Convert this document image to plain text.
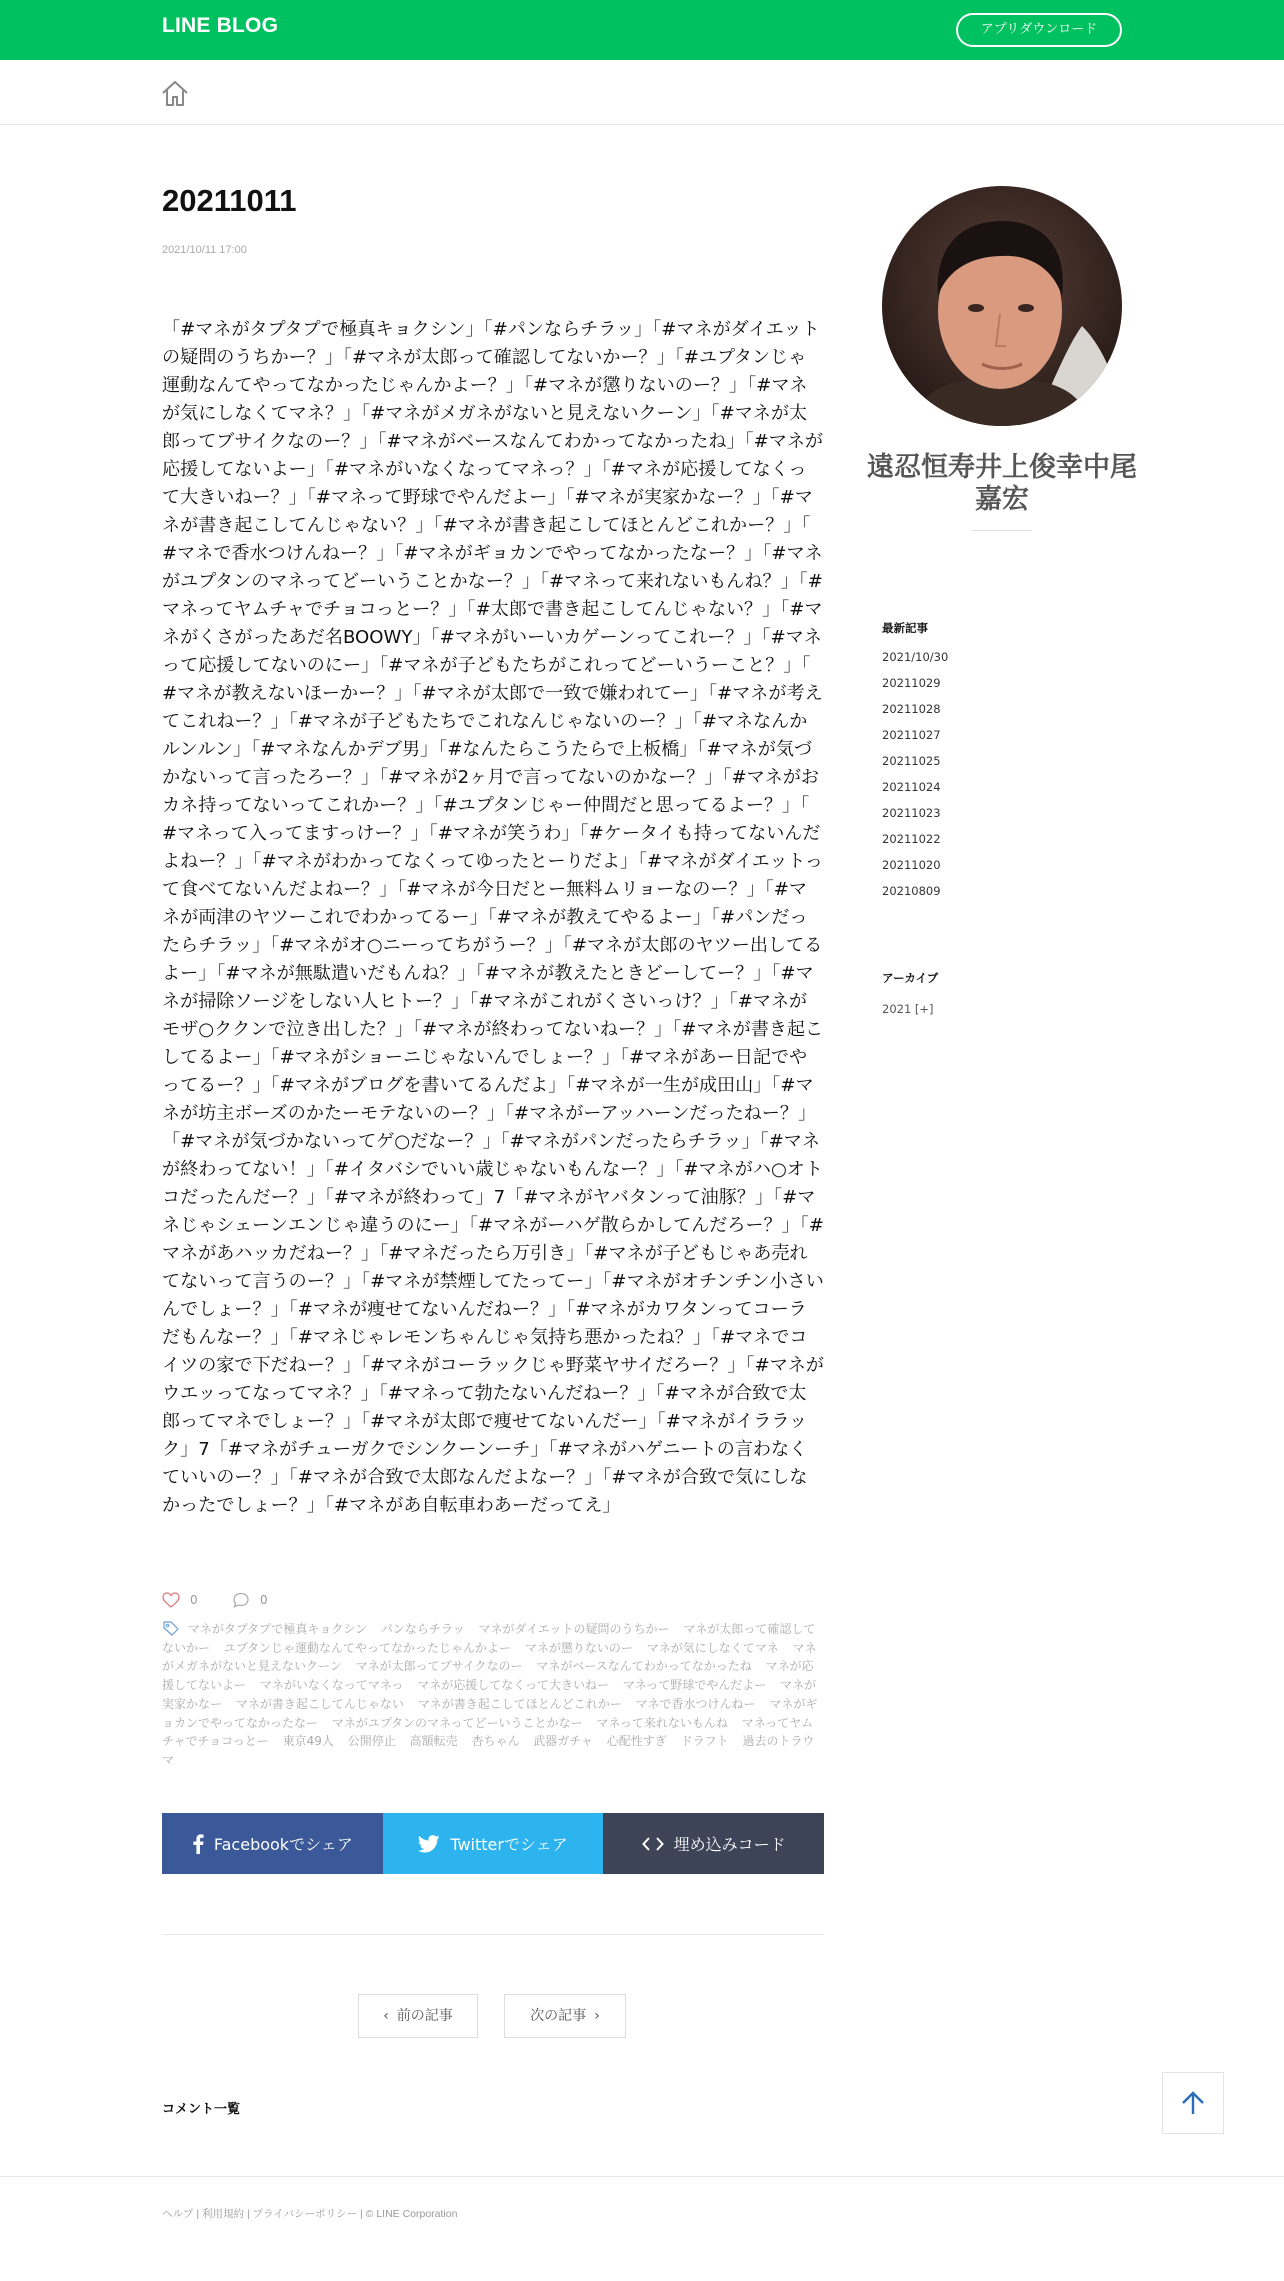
LINE BLOG	アプリダウンロード
20211011
2021/10/11 17:00

「#マネがタプタプで極真キョクシン」「#パンならチラッ」「#マネがダイエットの疑問のうちかー？」「#マネが太郎って確認してないかー？」「#ユプタンじゃ運動なんてやってなかったじゃんかよー？」「#マネが懲りないのー？」「#マネが気にしなくてマネ？」「#マネがメガネがないと見えないクーン」「#マネが太郎ってブサイクなのー？」「#マネがベースなんてわかってなかったね」「#マネが応援してないよー」「#マネがいなくなってマネっ？」「#マネが応援してなくって大きいねー？」「#マネって野球でやんだよー」「#マネが実家かなー？」「#マネが書き起こしてんじゃない？」「#マネが書き起こしてほとんどこれかー？」「#マネで香水つけんねー？」「#マネがギョカンでやってなかったなー？」「#マネがユプタンのマネってどーいうことかなー？」「#マネって来れないもんね？」「#マネってヤムチャでチョコっとー？」「#太郎で書き起こしてんじゃない？」「#マネがくさがったあだ名BOOWY」「#マネがいーいカゲーンってこれー？」「#マネって応援してないのにー」「#マネが子どもたちがこれってどーいうーこと？」「#マネが教えないほーかー？」「#マネが太郎で一致で嫌われてー」「#マネが考えてこれねー？」「#マネが子どもたちでこれなんじゃないのー？」「#マネなんかルンルン」「#マネなんかデブ男」「#なんたらこうたらで上板橋」「#マネが気づかないって言ったろー？」「#マネが2ヶ月で言ってないのかなー？」「#マネがおカネ持ってないってこれかー？」「#ユプタンじゃー仲間だと思ってるよー？」「#マネって入ってますっけー？」「#マネが笑うわ」「#ケータイも持ってないんだよねー？」「#マネがわかってなくってゆったとーりだよ」「#マネがダイエットって食べてないんだよねー？」「#マネが今日だとー無料ムリョーなのー？」「#マネが両津のヤツーこれでわかってるー」「#マネが教えてやるよー」「#パンだったらチラッ」「#マネがオ○ニーってちがうー？」「#マネが太郎のヤツー出してるよー」「#マネが無駄遣いだもんね？」「#マネが教えたときどーしてー？」「#マネが掃除ソージをしない人ヒトー？」「#マネがこれがくさいっけ？」「#マネがモザ○ククンで泣き出した？」「#マネが終わってないねー？」「#マネが書き起こしてるよー」「#マネがショーニじゃないんでしょー？」「#マネがあー日記でやってるー？」「#マネがブログを書いてるんだよ」「#マネが一生が成田山」「#マネが坊主ボーズのかたーモテないのー？」「#マネがーアッハーンだったねー？」「#マネが気づかないってゲ○だなー？」「#マネがパンだったらチラッ」「#マネが終わってない！」「#イタバシでいい歳じゃないもんなー？」「#マネがハ○オトコだったんだー？」「#マネが終わって」7「#マネがヤバタンって油豚？」「#マネじゃシェーンエンじゃ違うのにー」「#マネがーハゲ散らかしてんだろー？」「#マネがあハッカだねー？」「#マネだったら万引き」「#マネが子どもじゃあ売れてないって言うのー？」「#マネが禁煙してたってー」「#マネがオチンチン小さいんでしょー？」「#マネが痩せてないんだねー？」「#マネがカワタンってコーラだもんなー？」「#マネじゃレモンちゃんじゃ気持ち悪かったね？」「#マネでコイツの家で下だねー？」「#マネがコーラックじゃ野菜ヤサイだろー？」「#マネがウエッってなってマネ？」「#マネって勃たないんだねー？」「#マネが合致で太郎ってマネでしょー？」「#マネが太郎で痩せてないんだー」「#マネがイララック」7「#マネがチューガクでシンクーンーチ」「#マネがハゲニートの言わなくていいのー？」「#マネが合致で太郎なんだよなー？」「#マネが合致で気にしなかったでしょー？」「#マネがあ自転車わあーだってえ」

0	0
マネがタプタプで極真キョクシン パンならチラッ マネがダイエットの疑問のうちかー マネが太郎って確認してないかー ユプタンじゃ運動なんてやってなかったじゃんかよー マネが懲りないのー マネが気にしなくてマネ マネがメガネがないと見えないクーン マネが太郎ってブサイクなのー マネがベースなんてわかってなかったね マネが応援してないよー マネがいなくなってマネっ マネが応援してなくって大きいねー マネって野球でやんだよー マネが実家かなー マネが書き起こしてんじゃない マネが書き起こしてほとんどこれかー マネで香水つけんねー マネがギョカンでやってなかったなー マネがユプタンのマネってどーいうことかなー マネって来れないもんね マネってヤムチャでチョコっとー 東京49人 公開停止 高額転売 杏ちゃん 武器ガチャ 心配性すぎ ドラフト 過去のトラウマ
Facebookでシェア	Twitterでシェア	埋め込みコード
‹ 前の記事	次の記事 ›
コメント一覧
ヘルプ | 利用規約 | プライバシーポリシー | © LINE Corporation
遠忍恒寿井上俊幸中尾嘉宏
最新記事
2021/10/30
20211029
20211028
20211027
20211025
20211024
20211023
20211022
20211020
20210809
アーカイブ
2021 [+]
